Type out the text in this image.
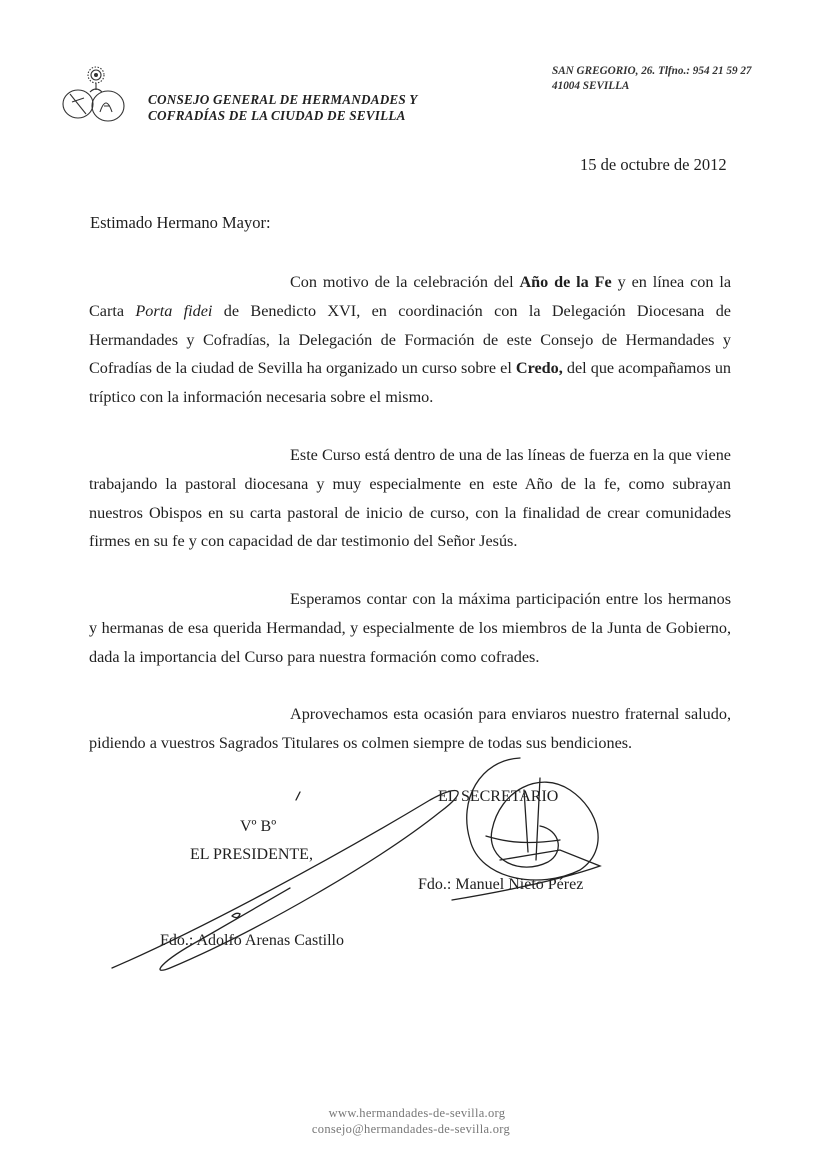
CONSEJO GENERAL DE HERMANDADES Y
COFRADÍAS DE LA CIUDAD DE SEVILLA
SAN GREGORIO, 26. Tlfno.: 954 21 59 27
41004 SEVILLA
15 de octubre de 2012
Estimado Hermano Mayor:
Con motivo de la celebración del Año de la Fe y en línea con la Carta Porta fidei de Benedicto XVI, en coordinación con la Delegación Diocesana de Hermandades y Cofradías, la Delegación de Formación de este Consejo de Hermandades y Cofradías de la ciudad de Sevilla ha organizado un curso sobre el Credo, del que acompañamos un tríptico con la información necesaria sobre el mismo.
Este Curso está dentro de una de las líneas de fuerza en la que viene trabajando la pastoral diocesana y muy especialmente en este Año de la fe, como subrayan nuestros Obispos en su carta pastoral de inicio de curso, con la finalidad de crear comunidades firmes en su fe y con capacidad de dar testimonio del Señor Jesús.
Esperamos contar con la máxima participación entre los hermanos y hermanas de esa querida Hermandad, y especialmente de los miembros de la Junta de Gobierno, dada la importancia del Curso para nuestra formación como cofrades.
Aprovechamos esta ocasión para enviaros nuestro fraternal saludo, pidiendo a vuestros Sagrados Titulares os colmen siempre de todas sus bendiciones.
EL SECRETARIO
Vº Bº
EL PRESIDENTE,
Fdo.: Manuel Nieto Pérez
Fdo.: Adolfo Arenas Castillo
www.hermandades-de-sevilla.org
consejo@hermandades-de-sevilla.org
